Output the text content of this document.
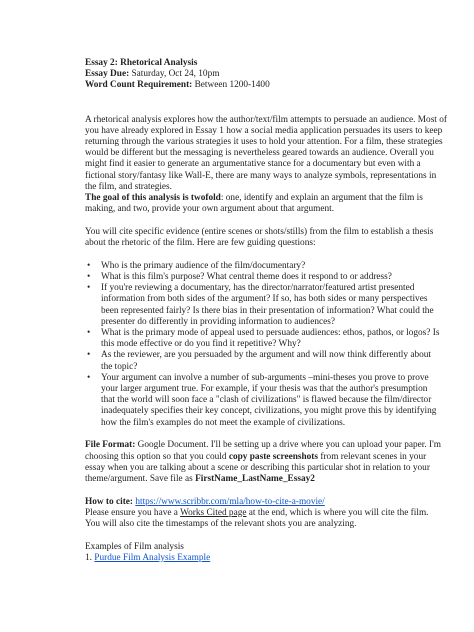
Essay 2: Rhetorical Analysis
Essay Due: Saturday, Oct 24, 10pm
Word Count Requirement: Between 1200-1400
A rhetorical analysis explores how the author/text/film attempts to persuade an audience. Most of
you have already explored in Essay 1 how a social media application persuades its users to keep
returning through the various strategies it uses to hold your attention. For a film, these strategies
would be different but the messaging is nevertheless geared towards an audience. Overall you
might find it easier to generate an argumentative stance for a documentary but even with a
fictional story/fantasy like Wall-E, there are many ways to analyze symbols, representations in
the film, and strategies.
The goal of this analysis is twofold: one, identify and explain an argument that the film is
making, and two, provide your own argument about that argument.
You will cite specific evidence (entire scenes or shots/stills) from the film to establish a thesis
about the rhetoric of the film. Here are few guiding questions:
• Who is the primary audience of the film/documentary?
• What is this film's purpose? What central theme does it respond to or address?
• If you're reviewing a documentary, has the director/narrator/featured artist presented
information from both sides of the argument? If so, has both sides or many perspectives
been represented fairly? Is there bias in their presentation of information? What could the
presenter do differently in providing information to audiences?
• What is the primary mode of appeal used to persuade audiences: ethos, pathos, or logos? Is
this mode effective or do you find it repetitive? Why?
• As the reviewer, are you persuaded by the argument and will now think differently about
the topic?
• Your argument can involve a number of sub-arguments –mini-theses you prove to prove
your larger argument true. For example, if your thesis was that the author's presumption
that the world will soon face a "clash of civilizations" is flawed because the film/director
inadequately specifies their key concept, civilizations, you might prove this by identifying
how the film's examples do not meet the example of civilizations.
File Format: Google Document. I'll be setting up a drive where you can upload your paper. I'm
choosing this option so that you could copy paste screenshots from relevant scenes in your
essay when you are talking about a scene or describing this particular shot in relation to your
theme/argument. Save file as FirstName_LastName_Essay2
How to cite: https://www.scribbr.com/mla/how-to-cite-a-movie/
Please ensure you have a Works Cited page at the end, which is where you will cite the film.
You will also cite the timestamps of the relevant shots you are analyzing.
Examples of Film analysis
1. Purdue Film Analysis Example
